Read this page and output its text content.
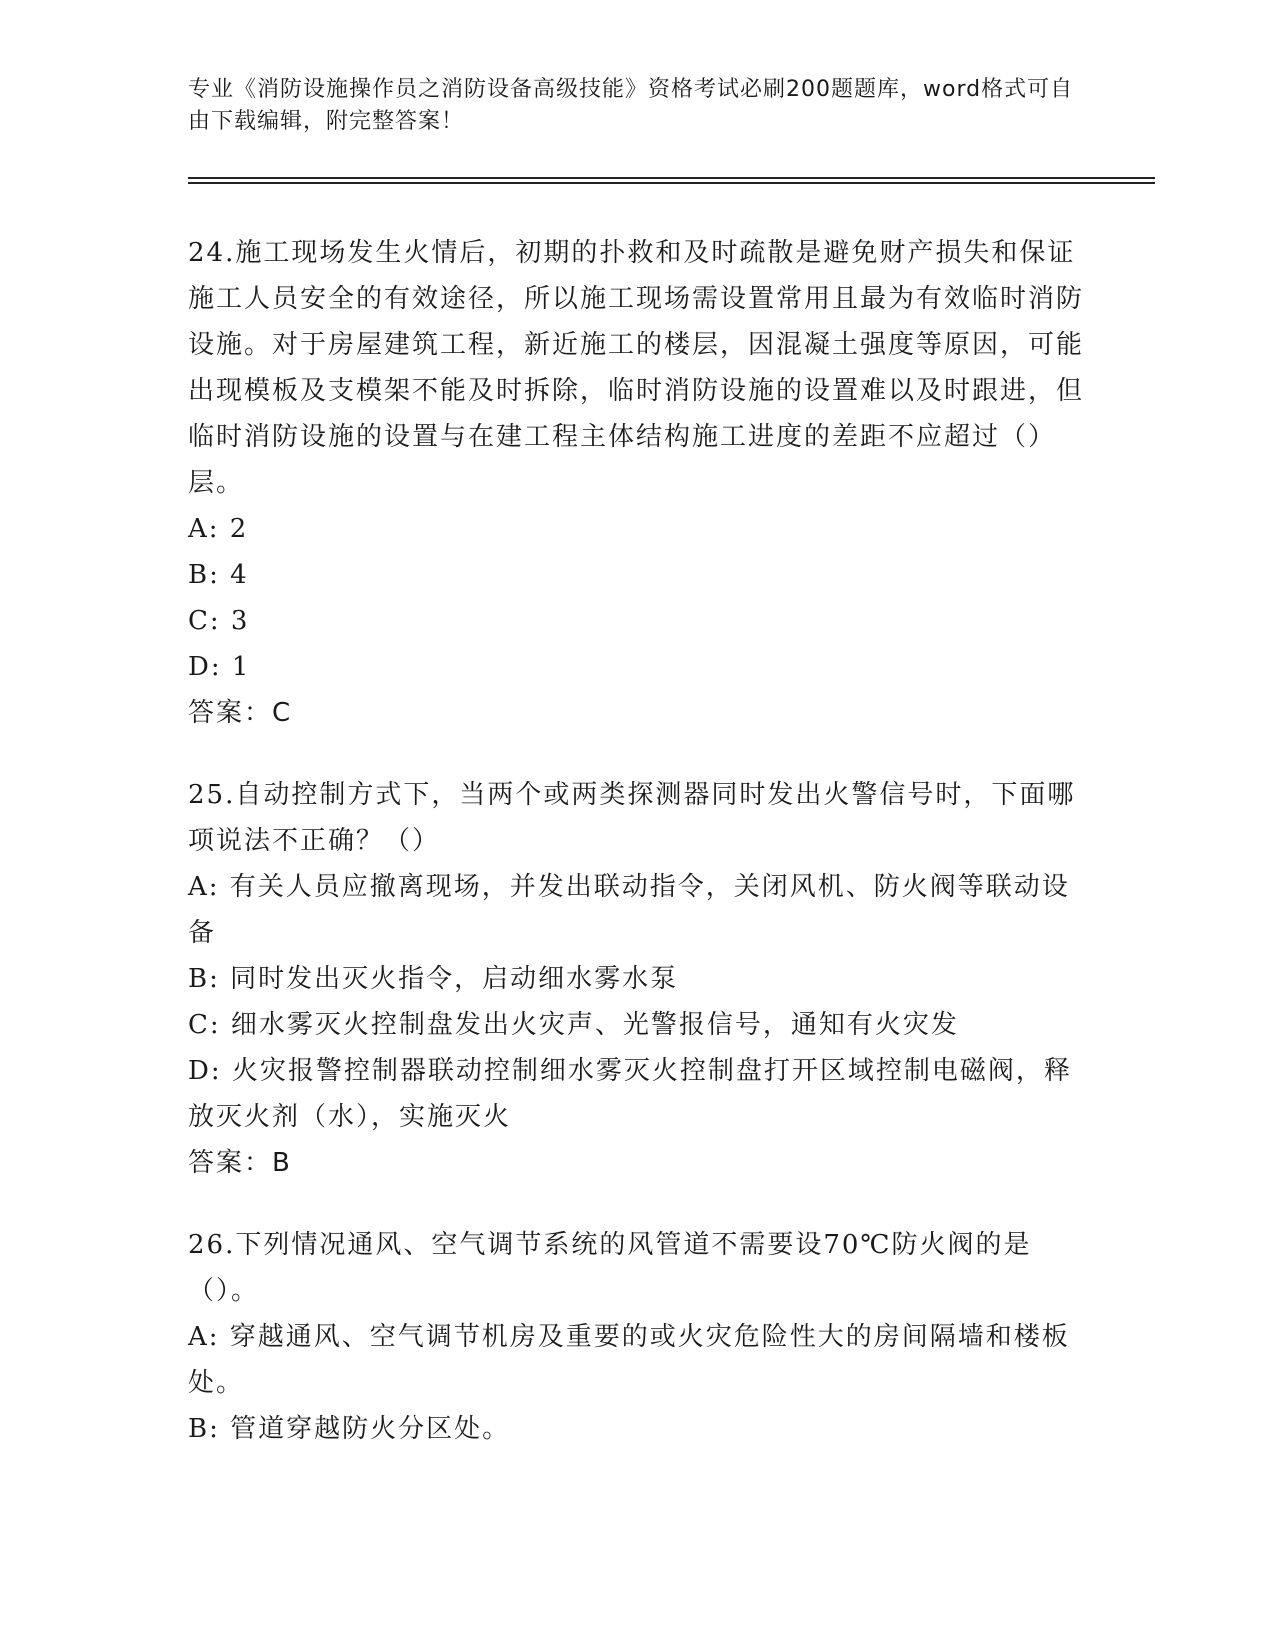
专业《消防设施操作员之消防设备高级技能》资格考试必刷200题题库，word格式可自由下载编辑，附完整答案！

24.施工现场发生火情后，初期的扑救和及时疏散是避免财产损失和保证施工人员安全的有效途径，所以施工现场需设置常用且最为有效临时消防设施。对于房屋建筑工程，新近施工的楼层，因混凝土强度等原因，可能出现模板及支模架不能及时拆除，临时消防设施的设置难以及时跟进，但临时消防设施的设置与在建工程主体结构施工进度的差距不应超过（）层。

A: 2

B: 4

C: 3

D: 1

答案：C

25.自动控制方式下，当两个或两类探测器同时发出火警信号时，下面哪项说法不正确？（）

A: 有关人员应撤离现场，并发出联动指令，关闭风机、防火阀等联动设备

B: 同时发出灭火指令，启动细水雾水泵

C: 细水雾灭火控制盘发出火灾声、光警报信号，通知有火灾发

D: 火灾报警控制器联动控制细水雾灭火控制盘打开区域控制电磁阀，释放灭火剂（水），实施灭火

答案：B

26.下列情况通风、空气调节系统的风管道不需要设70℃防火阀的是（）。

A: 穿越通风、空气调节机房及重要的或火灾危险性大的房间隔墙和楼板处。

B: 管道穿越防火分区处。
